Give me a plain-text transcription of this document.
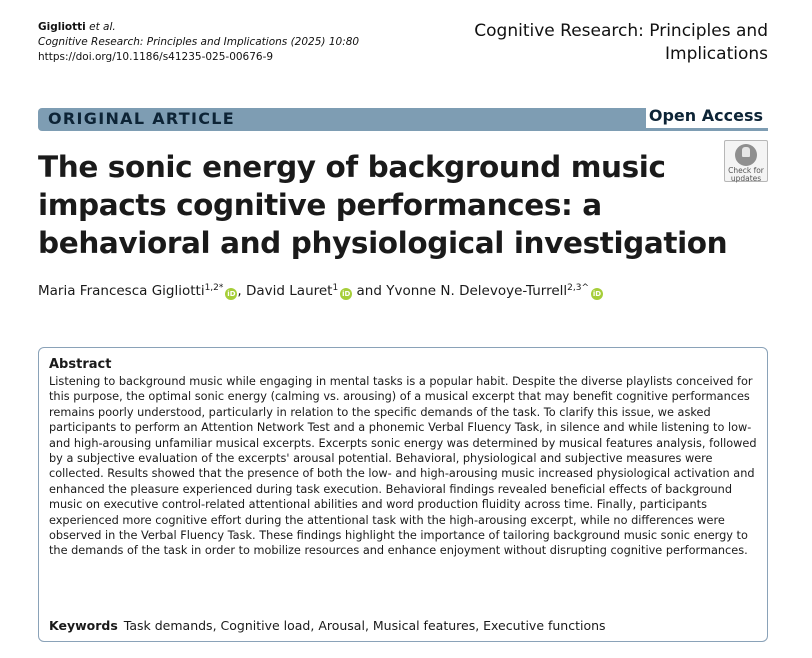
Gigliotti et al.
Cognitive Research: Principles and Implications (2025) 10:80
https://doi.org/10.1186/s41235-025-00676-9
Cognitive Research: Principles and Implications
ORIGINAL ARTICLE	Open Access
Check for updates
The sonic energy of background music impacts cognitive performances: a behavioral and physiological investigation
Maria Francesca Gigliotti$^{1,2*}$iD , David Lauret$^1$iD and Yvonne N. Delevoye-Turrell$^{2,3\^{}}$iD
Abstract

Listening to background music while engaging in mental tasks is a popular habit. Despite the diverse playlists conceived for this purpose, the optimal sonic energy (calming vs. arousing) of a musical excerpt that may benefit cognitive performances remains poorly understood, particularly in relation to the specific demands of the task. To clarify this issue, we asked participants to perform an Attention Network Test and a phonemic Verbal Fluency Task, in silence and while listening to low- and high-arousing unfamiliar musical excerpts. Excerpts sonic energy was determined by musical features analysis, followed by a subjective evaluation of the excerpts' arousal potential. Behavioral, physiological and subjective measures were collected. Results showed that the presence of both the low- and high-arousing music increased physiological activation and enhanced the pleasure experienced during task execution. Behavioral findings revealed beneficial effects of background music on executive control-related attentional abilities and word production fluidity across time. Finally, participants experienced more cognitive effort during the attentional task with the high-arousing excerpt, while no differences were observed in the Verbal Fluency Task. These findings highlight the importance of tailoring background music sonic energy to the demands of the task in order to mobilize resources and enhance enjoyment without disrupting cognitive performances.

Keywords Task demands, Cognitive load, Arousal, Musical features, Executive functions
